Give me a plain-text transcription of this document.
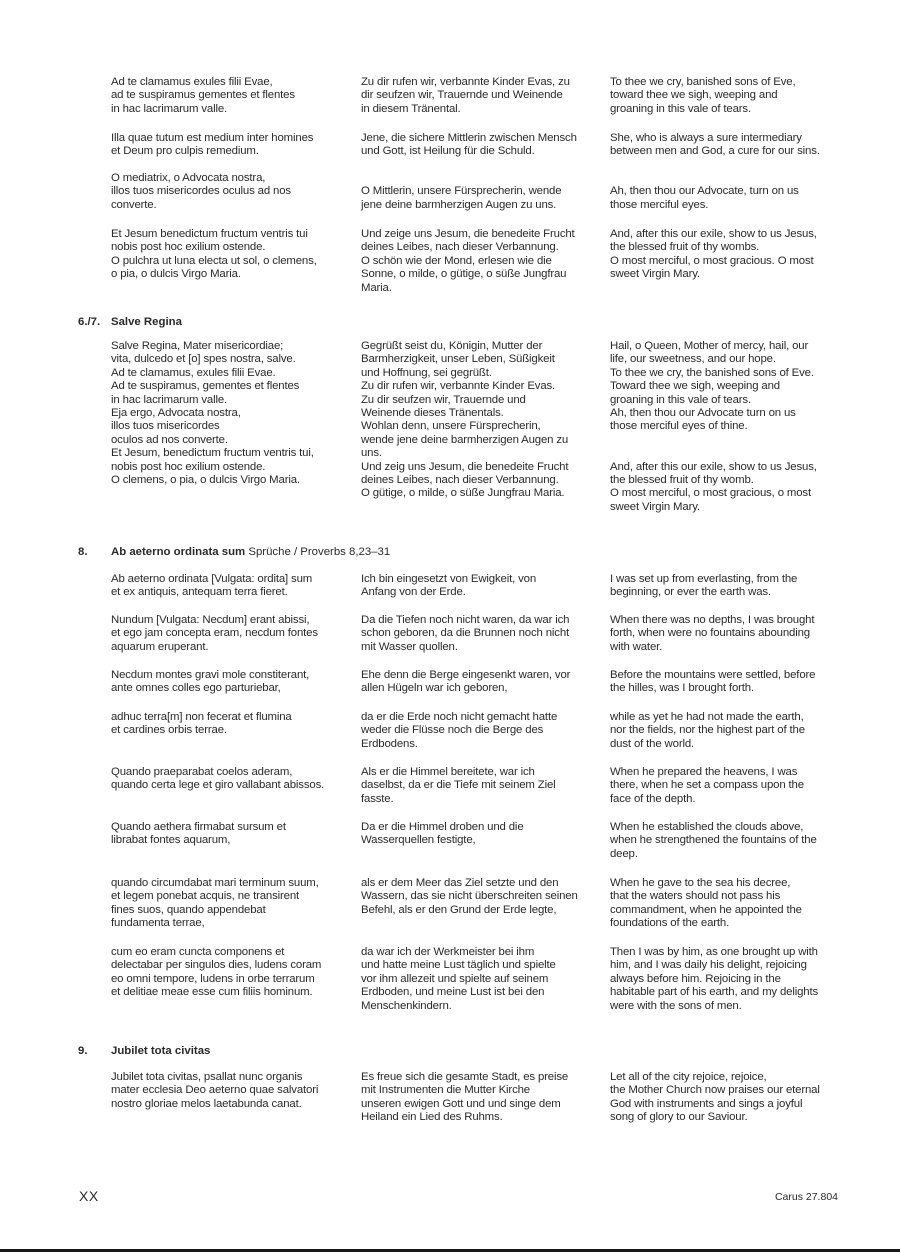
Ad te clamamus exules filii Evae,
ad te suspiramus gementes et flentes
in hac lacrimarum valle.
Zu dir rufen wir, verbannte Kinder Evas, zu
dir seufzen wir, Trauernde und Weinende
in diesem Tränental.
To thee we cry, banished sons of Eve,
toward thee we sigh, weeping and
groaning in this vale of tears.
Illa quae tutum est medium inter homines
et Deum pro culpis remedium.
Jene, die sichere Mittlerin zwischen Mensch
und Gott, ist Heilung für die Schuld.
She, who is always a sure intermediary
between men and God, a cure for our sins.
O mediatrix, o Advocata nostra,
illos tuos misericordes oculus ad nos
converte.

O Mittlerin, unsere Fürsprecherin, wende
jene deine barmherzigen Augen zu uns.

Ah, then thou our Advocate, turn on us
those merciful eyes.
Et Jesum benedictum fructum ventris tui
nobis post hoc exilium ostende.
O pulchra ut luna electa ut sol, o clemens,
o pia, o dulcis Virgo Maria.
Und zeige uns Jesum, die benedeite Frucht
deines Leibes, nach dieser Verbannung.
O schön wie der Mond, erlesen wie die
Sonne, o milde, o gütige, o süße Jungfrau
Maria.
And, after this our exile, show to us Jesus,
the blessed fruit of thy wombs.
O most merciful, o most gracious. O most
sweet Virgin Mary.
6./7. Salve Regina
Salve Regina, Mater misericordiae;
vita, dulcedo et [o] spes nostra, salve.
Ad te clamamus, exules filii Evae.
Ad te suspiramus, gementes et flentes
in hac lacrimarum valle.
Eja ergo, Advocata nostra,
illos tuos misericordes
oculos ad nos converte.
Et Jesum, benedictum fructum ventris tui,
nobis post hoc exilium ostende.
O clemens, o pia, o dulcis Virgo Maria.
Gegrüßt seist du, Königin, Mutter der
Barmherzigkeit, unser Leben, Süßigkeit
und Hoffnung, sei gegrüßt.
Zu dir rufen wir, verbannte Kinder Evas.
Zu dir seufzen wir, Trauernde und
Weinende dieses Tränentals.
Wohlan denn, unsere Fürsprecherin,
wende jene deine barmherzigen Augen zu
uns.
Und zeig uns Jesum, die benedeite Frucht
deines Leibes, nach dieser Verbannung.
O gütige, o milde, o süße Jungfrau Maria.
Hail, o Queen, Mother of mercy, hail, our
life, our sweetness, and our hope.
To thee we cry, the banished sons of Eve.
Toward thee we sigh, weeping and
groaning in this vale of tears.
Ah, then thou our Advocate turn on us
those merciful eyes of thine.

And, after this our exile, show to us Jesus,
the blessed fruit of thy womb.
O most merciful, o most gracious, o most
sweet Virgin Mary.
8. Ab aeterno ordinata sum Sprüche / Proverbs 8,23–31
Ab aeterno ordinata [Vulgata: ordita] sum
et ex antiquis, antequam terra fieret.
Ich bin eingesetzt von Ewigkeit, von
Anfang von der Erde.
I was set up from everlasting, from the
beginning, or ever the earth was.
Nundum [Vulgata: Necdum] erant abissi,
et ego jam concepta eram, necdum fontes
aquarum eruperant.
Da die Tiefen noch nicht waren, da war ich
schon geboren, da die Brunnen noch nicht
mit Wasser quollen.
When there was no depths, I was brought
forth, when were no fountains abounding
with water.
Necdum montes gravi mole constiterant,
ante omnes colles ego parturiebar,
Ehe denn die Berge eingesenkt waren, vor
allen Hügeln war ich geboren,
Before the mountains were settled, before
the hilles, was I brought forth.
adhuc terra[m] non fecerat et flumina
et cardines orbis terrae.
da er die Erde noch nicht gemacht hatte
weder die Flüsse noch die Berge des
Erdbodens.
while as yet he had not made the earth,
nor the fields, nor the highest part of the
dust of the world.
Quando praeparabat coelos aderam,
quando certa lege et giro vallabant abissos.
Als er die Himmel bereitete, war ich
daselbst, da er die Tiefe mit seinem Ziel
fasste.
When he prepared the heavens, I was
there, when he set a compass upon the
face of the depth.
Quando aethera firmabat sursum et
librabat fontes aquarum,
Da er die Himmel droben und die
Wasserquellen festigte,
When he established the clouds above,
when he strengthened the fountains of the
deep.
quando circumdabat mari terminum suum,
et legem ponebat acquis, ne transirent
fines suos, quando appendebat
fundamenta terrae,
als er dem Meer das Ziel setzte und den
Wassern, das sie nicht überschreiten seinen
Befehl, als er den Grund der Erde legte,
When he gave to the sea his decree,
that the waters should not pass his
commandment, when he appointed the
foundations of the earth.
cum eo eram cuncta componens et
delectabar per singulos dies, ludens coram
eo omni tempore, ludens in orbe terrarum
et delitiae meae esse cum filiis hominum.
da war ich der Werkmeister bei ihm
und hatte meine Lust täglich und spielte
vor ihm allezeit und spielte auf seinem
Erdboden, und meine Lust ist bei den
Menschenkindern.
Then I was by him, as one brought up with
him, and I was daily his delight, rejoicing
always before him. Rejoicing in the
habitable part of his earth, and my delights
were with the sons of men.
9. Jubilet tota civitas
Jubilet tota civitas, psallat nunc organis
mater ecclesia Deo aeterno quae salvatori
nostro gloriae melos laetabunda canat.
Es freue sich die gesamte Stadt, es preise
mit Instrumenten die Mutter Kirche
unseren ewigen Gott und und singe dem
Heiland ein Lied des Ruhms.
Let all of the city rejoice, rejoice,
the Mother Church now praises our eternal
God with instruments and sings a joyful
song of glory to our Saviour.
XX	Carus 27.804
